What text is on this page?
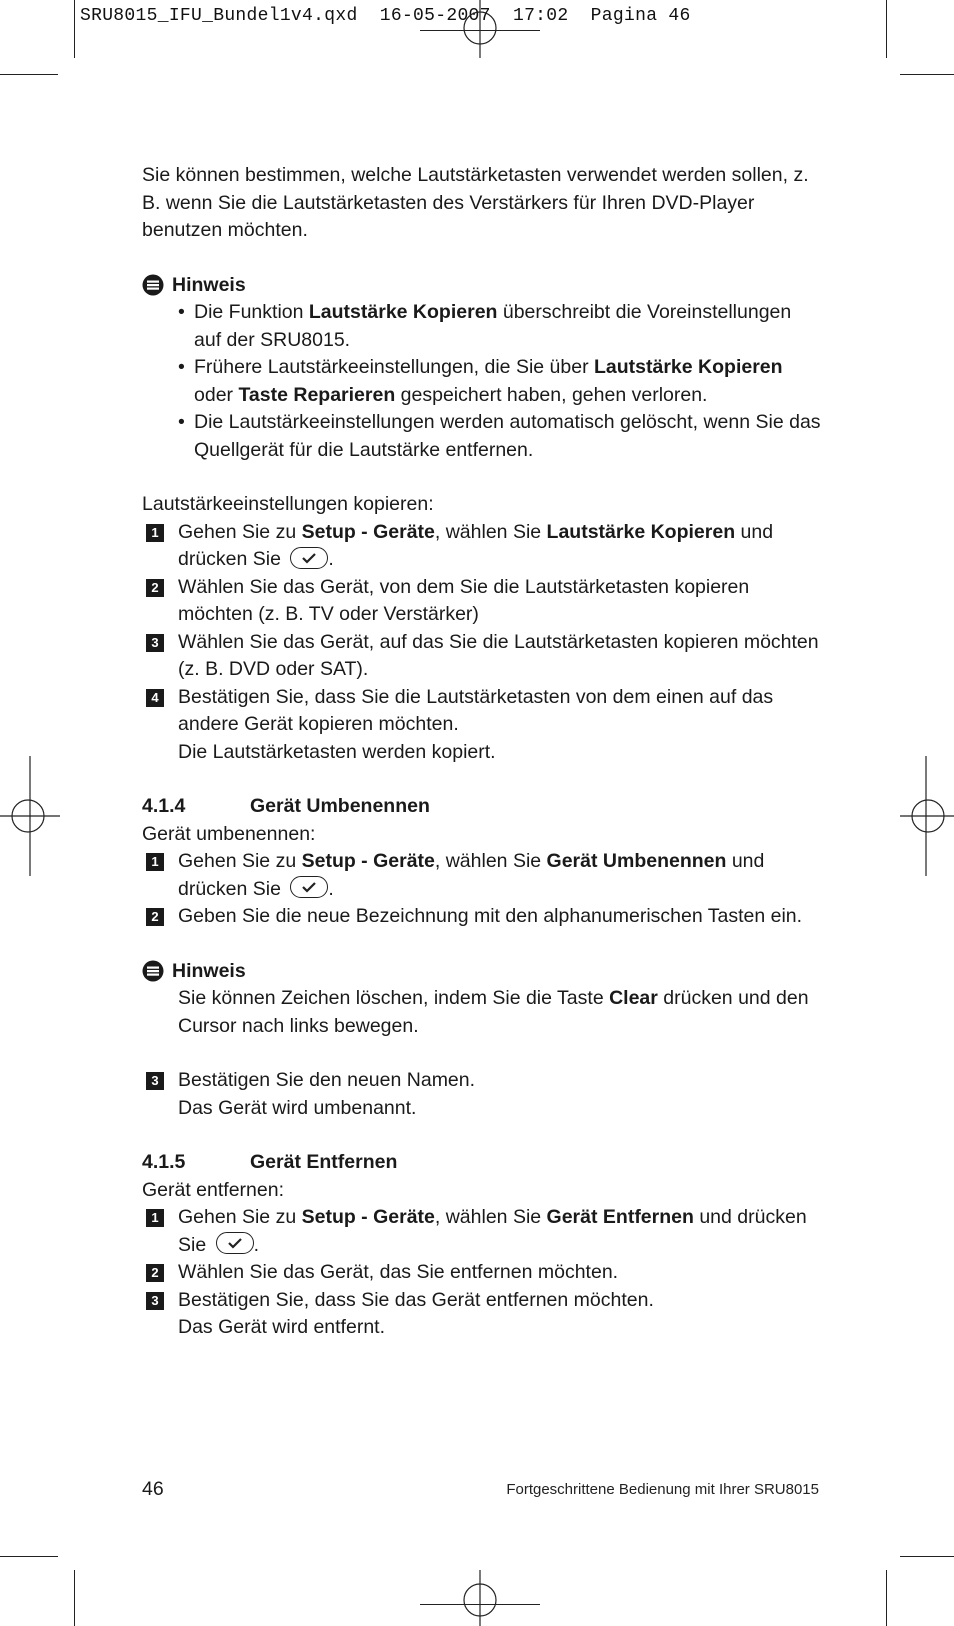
SRU8015_IFU_Bundel1v4.qxd  16-05-2007  17:02  Pagina 46

Sie können bestimmen, welche Lautstärketasten verwendet werden sollen, z. B. wenn Sie die Lautstärketasten des Verstärkers für Ihren DVD-Player benutzen möchten.

Hinweis
• Die Funktion Lautstärke Kopieren überschreibt die Voreinstellungen auf der SRU8015.
• Frühere Lautstärkeeinstellungen, die Sie über Lautstärke Kopieren oder Taste Reparieren gespeichert haben, gehen verloren.
• Die Lautstärkeeinstellungen werden automatisch gelöscht, wenn Sie das Quellgerät für die Lautstärke entfernen.

Lautstärkeeinstellungen kopieren:

1 Gehen Sie zu Setup - Geräte, wählen Sie Lautstärke Kopieren und drücken Sie
.
2 Wählen Sie das Gerät, von dem Sie die Lautstärketasten kopieren möchten (z. B. TV oder Verstärker)
3 Wählen Sie das Gerät, auf das Sie die Lautstärketasten kopieren möchten (z. B. DVD oder SAT).
4 Bestätigen Sie, dass Sie die Lautstärketasten von dem einen auf das andere Gerät kopieren möchten.

Die Lautstärketasten werden kopiert.

4.1.4	Gerät Umbenennen

Gerät umbenennen:

1 Gehen Sie zu Setup - Geräte, wählen Sie Gerät Umbenennen und drücken Sie
.
2 Geben Sie die neue Bezeichnung mit den alphanumerischen Tasten ein.
Hinweis

Sie können Zeichen löschen, indem Sie die Taste Clear drücken und den Cursor nach links bewegen.

3 Bestätigen Sie den neuen Namen.

Das Gerät wird umbenannt.

4.1.5	Gerät Entfernen

Gerät entfernen:

1 Gehen Sie zu Setup - Geräte, wählen Sie Gerät Entfernen und drücken Sie
.
2 Wählen Sie das Gerät, das Sie entfernen möchten.
3 Bestätigen Sie, dass Sie das Gerät entfernen möchten.

Das Gerät wird entfernt.

46	Fortgeschrittene Bedienung mit Ihrer SRU8015
